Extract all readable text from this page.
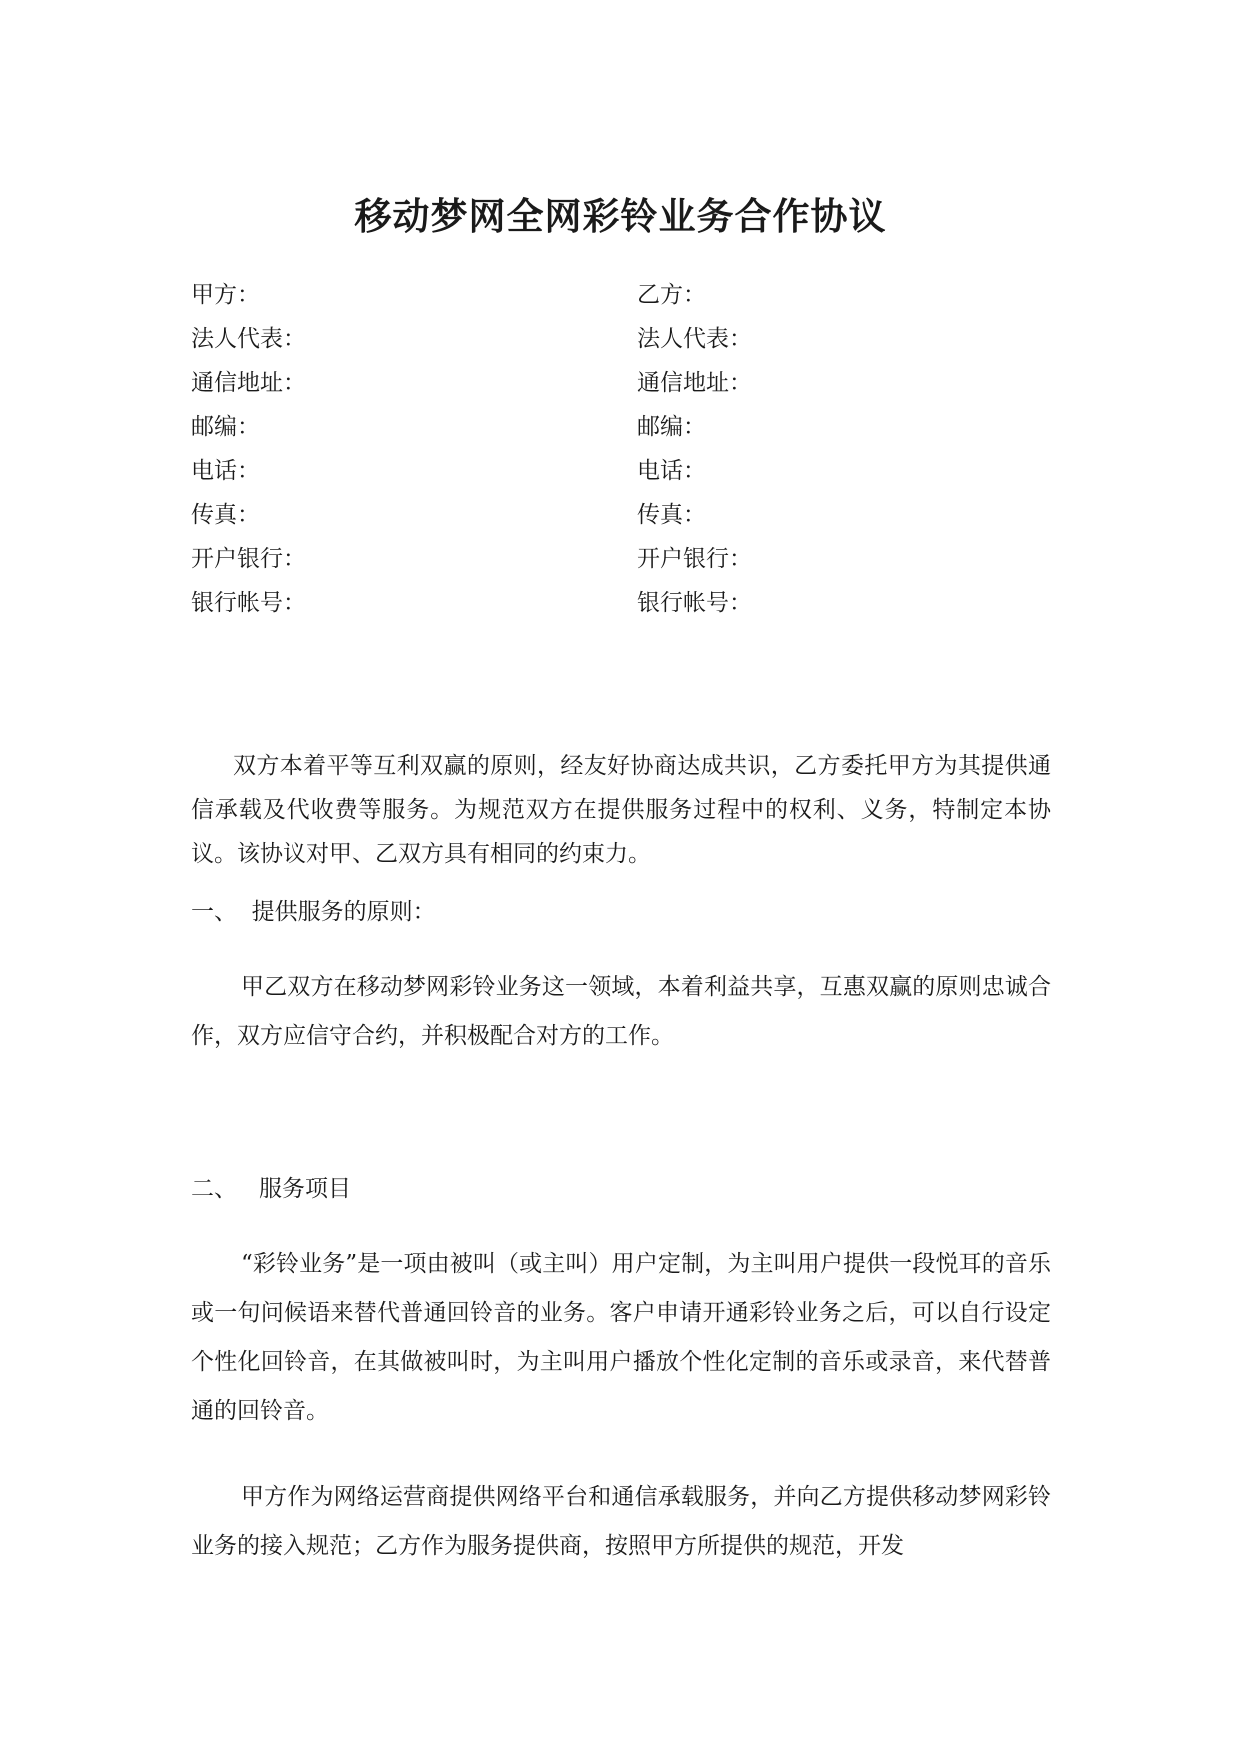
移动梦网全网彩铃业务合作协议
甲方：	乙方：
法人代表：	法人代表：
通信地址：	通信地址：
邮编：	邮编：
电话：	电话：
传真：	传真：
开户银行：	开户银行：
银行帐号：	银行帐号：
双方本着平等互利双赢的原则，经友好协商达成共识，乙方委托甲方为其提供通信承载及代收费等服务。为规范双方在提供服务过程中的权利、义务，特制定本协议。该协议对甲、乙双方具有相同的约束力。
一、 提供服务的原则：
甲乙双方在移动梦网彩铃业务这一领域，本着利益共享，互惠双赢的原则忠诚合作，双方应信守合约，并积极配合对方的工作。
二、 服务项目
“彩铃业务”是一项由被叫（或主叫）用户定制，为主叫用户提供一段悦耳的音乐或一句问候语来替代普通回铃音的业务。客户申请开通彩铃业务之后，可以自行设定个性化回铃音，在其做被叫时，为主叫用户播放个性化定制的音乐或录音，来代替普通的回铃音。
甲方作为网络运营商提供网络平台和通信承载服务，并向乙方提供移动梦网彩铃业务的接入规范；乙方作为服务提供商，按照甲方所提供的规范，开发
